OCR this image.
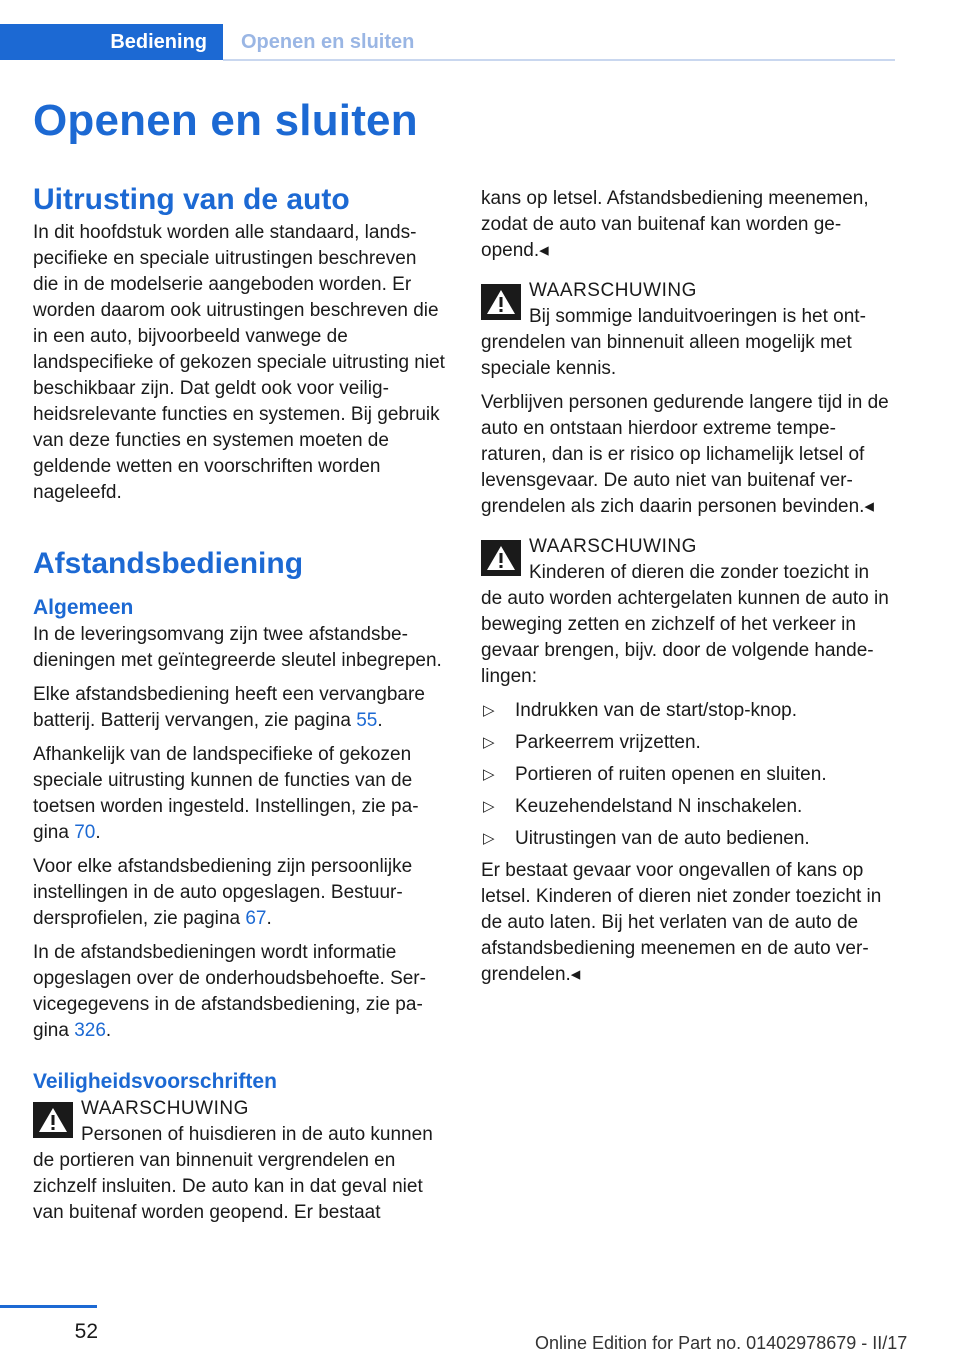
Bediening Openen en sluiten
Openen en sluiten
Uitrusting van de auto

In dit hoofdstuk worden alle standaard, landspecifieke en speciale uitrustingen beschreven die in de modelserie aangeboden worden. Er worden daarom ook uitrustingen beschreven die in een auto, bijvoorbeeld vanwege de landspecifieke of gekozen speciale uitrusting niet beschikbaar zijn. Dat geldt ook voor veiligheidsrelevante functies en systemen. Bij gebruik van deze functies en systemen moeten de geldende wetten en voorschriften worden nageleefd.

Afstandsbediening
Algemeen

In de leveringsomvang zijn twee afstandsbedieningen met geïntegreerde sleutel inbegrepen.

Elke afstandsbediening heeft een vervangbare batterij. Batterij vervangen, zie pagina 55.

Afhankelijk van de landspecifieke of gekozen speciale uitrusting kunnen de functies van de toetsen worden ingesteld. Instellingen, zie pagina 70.

Voor elke afstandsbediening zijn persoonlijke instellingen in de auto opgeslagen. Bestuurdersprofielen, zie pagina 67.

In de afstandsbedieningen wordt informatie opgeslagen over de onderhoudsbehoefte. Servicegegevens in de afstandsbediening, zie pagina 326.

Veiligheidsvoorschriften
WAARSCHUWING

Personen of huisdieren in de auto kunnen de portieren van binnenuit vergrendelen en zichzelf insluiten. De auto kan in dat geval niet van buitenaf worden geopend. Er bestaat

kans op letsel. Afstandsbediening meenemen, zodat de auto van buitenaf kan worden geopend.◂

WAARSCHUWING

Bij sommige landuitvoeringen is het ontgrendelen van binnenuit alleen mogelijk met speciale kennis.

Verblijven personen gedurende langere tijd in de auto en ontstaan hierdoor extreme temperaturen, dan is er risico op lichamelijk letsel of levensgevaar. De auto niet van buitenaf vergrendelen als zich daarin personen bevinden.◂

WAARSCHUWING

Kinderen of dieren die zonder toezicht in de auto worden achtergelaten kunnen de auto in beweging zetten en zichzelf of het verkeer in gevaar brengen, bijv. door de volgende handelingen:

▷	Indrukken van de start/stop-knop.
▷	Parkeerrem vrijzetten.
▷	Portieren of ruiten openen en sluiten.
▷	Keuzehendelstand N inschakelen.
▷	Uitrustingen van de auto bedienen.

Er bestaat gevaar voor ongevallen of kans op letsel. Kinderen of dieren niet zonder toezicht in de auto laten. Bij het verlaten van de auto de afstandsbediening meenemen en de auto vergrendelen.◂

52	Online Edition for Part no. 01402978679 - II/17
